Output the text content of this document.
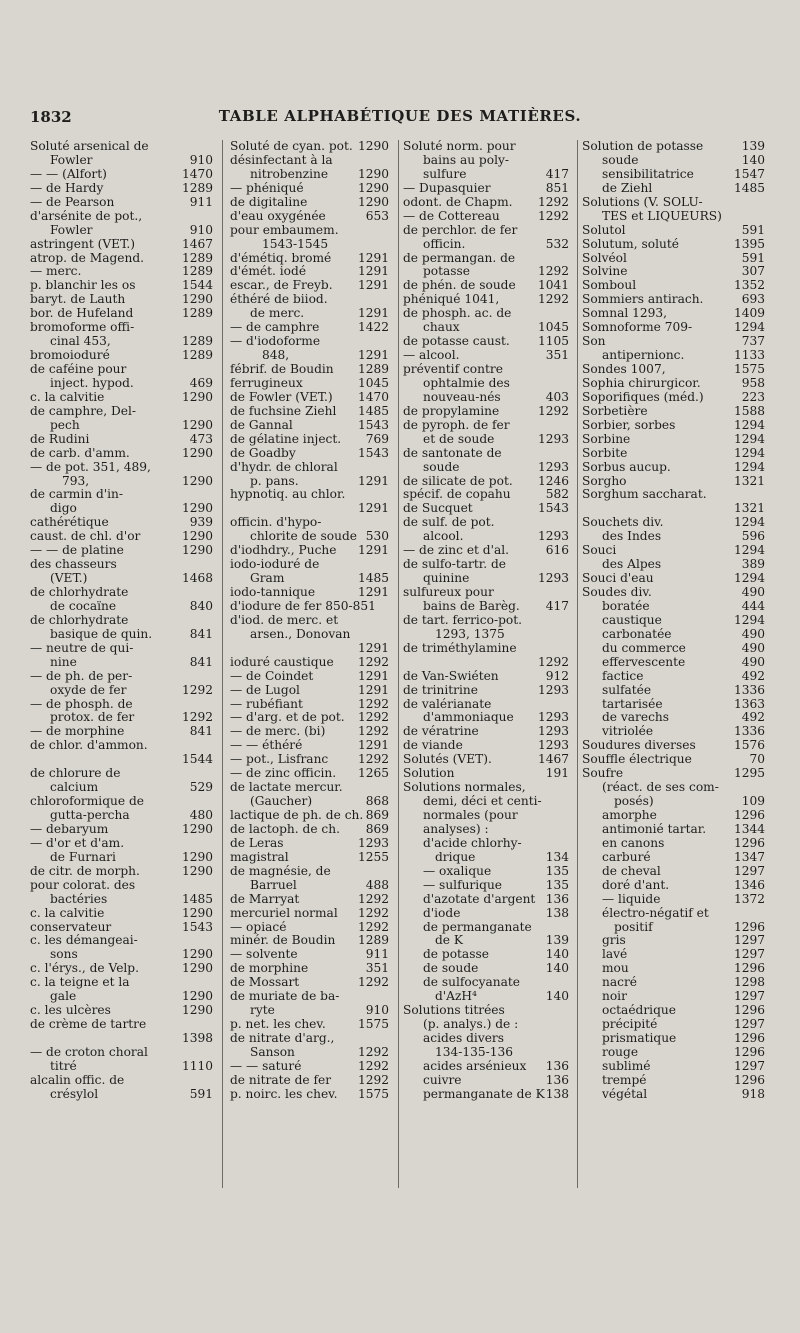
1832	TABLE ALPHABÉTIQUE DES MATIÈRES.
Soluté arsenical de
Fowler	910
— — (Alfort)	1470
— de Hardy	1289
— de Pearson	911
d'arsénite de pot.,
Fowler	910
astringent (VÉT.)	1467
atrop. de Magend.	1289
— merc.	1289
p. blanchir les os	1544
baryt. de Lauth	1290
bor. de Hufeland	1289
bromoforme offi-
cinal 453,	1289
bromoioduré	1289
de caféine pour
inject. hypod.	469
c. la calvitie	1290
de camphre, Del-
pech	1290
de Rudini	473
de carb. d'amm.	1290
— de pot. 351, 489,
793,	1290
de carmin d'in-
digo	1290
cathérétique	939
caust. de chl. d'or	1290
— — de platine	1290
des chasseurs
(VÉT.)	1468
de chlorhydrate
de cocaïne	840
de chlorhydrate
basique de quin.	841
— neutre de qui-
nine	841
— de ph. de per-
oxyde de fer	1292
— de phosph. de
protox. de fer	1292
— de morphine	841
de chlor. d'ammon.
1544
de chlorure de
calcium	529
chloroformique de
gutta-percha	480
— debaryum	1290
— d'or et d'am.
de Furnari	1290
de citr. de morph.	1290
pour colorat. des
bactéries	1485
c. la calvitie	1290
conservateur	1543
c. les démangeai-
sons	1290
c. l'érys., de Velp.	1290
c. la teigne et la
gale	1290
c. les ulcères	1290
de crème de tartre
1398
— de croton choral
titré	1110
alcalin offic. de
crésylol	591
Soluté de cyan. pot. 1290
désinfectant à la
nitrobenzine 1290
— phéniqué	1290
de digitaline	1290
d'eau oxygénée	653
pour embaumem.
1543-1545
d'émétiq. bromé 1291
d'émét. iodé	1291
escar., de Freyb. 1291
éthéré de biiod.
de merc.	1291
— de camphre	1422
— d'iodoforme
848,	1291
fébrif. de Boudin 1289
ferrugineux	1045
de Fowler (VÉT.) 1470
de fuchsine Ziehl 1485
de Gannal	1543
de gélatine inject. 769
de Goadby	1543
d'hydr. de chloral
p. pans.	1291
hypnotiq. au chlor.
1291
officin. d'hypo-
chlorite de soude 530
d'iodhdry., Puche 1291
iodo-ioduré de
Gram	1485
iodo-tannique	1291
d'iodure de fer 850-851
d'iod. de merc. et
arsen., Donovan
1291
ioduré caustique 1292
— de Coindet	1291
— de Lugol	1291
— rubéfiant	1292
— d'arg. et de pot. 1292
— de merc. (bi)	1292
— — éthéré	1291
— pot., Lisfranc 1292
— de zinc officin. 1265
de lactate mercur.
(Gaucher)	868
lactique de ph. de ch. 869
de lactoph. de ch. 869
de Leras	1293
magistral	1255
de magnésie, de
Barruel	488
de Marryat	1292
mercuriel normal 1292
— opiacé	1292
minér. de Boudin 1289
— solvente	911
de morphine	351
de Mossart	1292
de muriate de ba-
ryte	910
p. net. les chev.	1575
de nitrate d'arg.,
Sanson	1292
— — saturé	1292
de nitrate de fer 1292
p. noirc. les chev. 1575
Soluté norm. pour
bains au poly-
sulfure	417
— Dupasquier	851
odont. de Chapm. 1292
— de Cottereau	1292
de perchlor. de fer
officin.	532
de permangan. de
potasse	1292
de phén. de soude 1041
phéniqué 1041,	1292
de phosph. ac. de
chaux	1045
de potasse caust. 1105
— alcool.	351
préventif contre
ophtalmie des
nouveau-nés	403
de propylamine	1292
de pyroph. de fer
et de soude	1293
de santonate de
soude	1293
de silicate de pot. 1246
spécif. de copahu	582
de Sucquet	1543
de sulf. de pot.
alcool.	1293
— de zinc et d'al.	616
de sulfo-tartr. de
quinine	1293
sulfureux pour
bains de Barèg. 417
de tart. ferrico-pot.
1293, 1375
de triméthylamine
1292
de Van-Swiéten	912
de trinitrine	1293
de valérianate
d'ammoniaque 1293
de vératrine	1293
de viande	1293
Solutés (VÉT).	1467
Solution	191
Solutions normales,
demi, déci et centi-
normales (pour
analyses) :
d'acide chlorhy-
drique	134
— oxalique	135
— sulfurique	135
d'azotate d'argent 136
d'iode	138
de permanganate
de K	139
de potasse	140
de soude	140
de sulfocyanate
d'AzH⁴	140
Solutions titrées
(p. analys.) de :
acides divers
134-135-136
acides arsénieux 136
cuivre	136
permanganate de K 138
Solution de potasse	139
soude	140
sensibilitatrice	1547
de Ziehl	1485
Solutions (V. SOLU-
TÉS et LIQUEURS)
Solutol	591
Solutum, soluté	1395
Solvéol	591
Solvine	307
Somboul	1352
Sommiers antirach.	693
Somnal 1293,	1409
Somnoforme 709-	1294
Son	737
antipernionc.	1133
Sondes 1007,	1575
Sophia chirurgicor.	958
Soporifiques (méd.)	223
Sorbetière	1588
Sorbier, sorbes	1294
Sorbine	1294
Sorbite	1294
Sorbus aucup.	1294
Sorgho	1321
Sorghum saccharat.
1321
Souchets div.	1294
des Indes	596
Souci	1294
des Alpes	389
Souci d'eau	1294
Soudes div.	490
boratée	444
caustique	1294
carbonatée	490
du commerce	490
effervescente	490
factice	492
sulfatée	1336
tartarisée	1363
de varechs	492
vitriolée	1336
Soudures diverses	1576
Souffle électrique	70
Soufre	1295
(réact. de ses com-
posés)	109
amorphe	1296
antimonié tartar. 1344
en canons	1296
carburé	1347
de cheval	1297
doré d'ant.	1346
— liquide	1372
électro-négatif et
positif	1296
gris	1297
lavé	1297
mou	1296
nacré	1298
noir	1297
octaédrique	1296
précipité	1297
prismatique	1296
rouge	1296
sublimé	1297
trempé	1296
végétal	918
